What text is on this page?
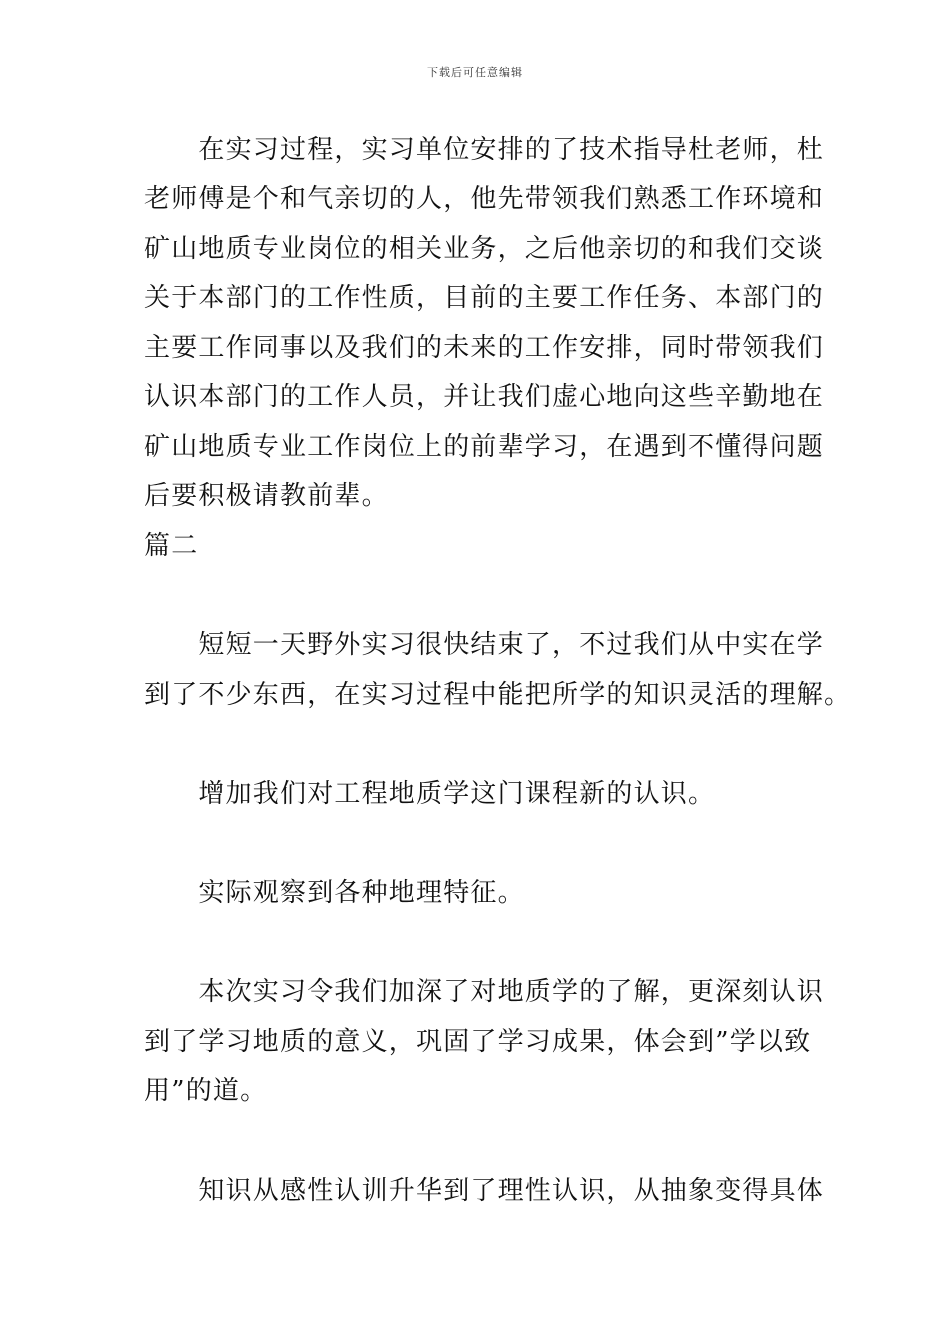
下载后可任意编辑
　　在实习过程，实习单位安排的了技术指导杜老师，杜
老师傅是个和气亲切的人，他先带领我们熟悉工作环境和
矿山地质专业岗位的相关业务，之后他亲切的和我们交谈
关于本部门的工作性质，目前的主要工作任务、本部门的
主要工作同事以及我们的未来的工作安排，同时带领我们
认识本部门的工作人员，并让我们虚心地向这些辛勤地在
矿山地质专业工作岗位上的前辈学习，在遇到不懂得问题
后要积极请教前辈。
篇二
　　短短一天野外实习很快结束了，不过我们从中实在学
到了不少东西，在实习过程中能把所学的知识灵活的理解。
　　增加我们对工程地质学这门课程新的认识。
　　实际观察到各种地理特征。
　　本次实习令我们加深了对地质学的了解，更深刻认识
到了学习地质的意义，巩固了学习成果，体会到”学以致
用”的道。
　　知识从感性认训升华到了理性认识，从抽象变得具体
